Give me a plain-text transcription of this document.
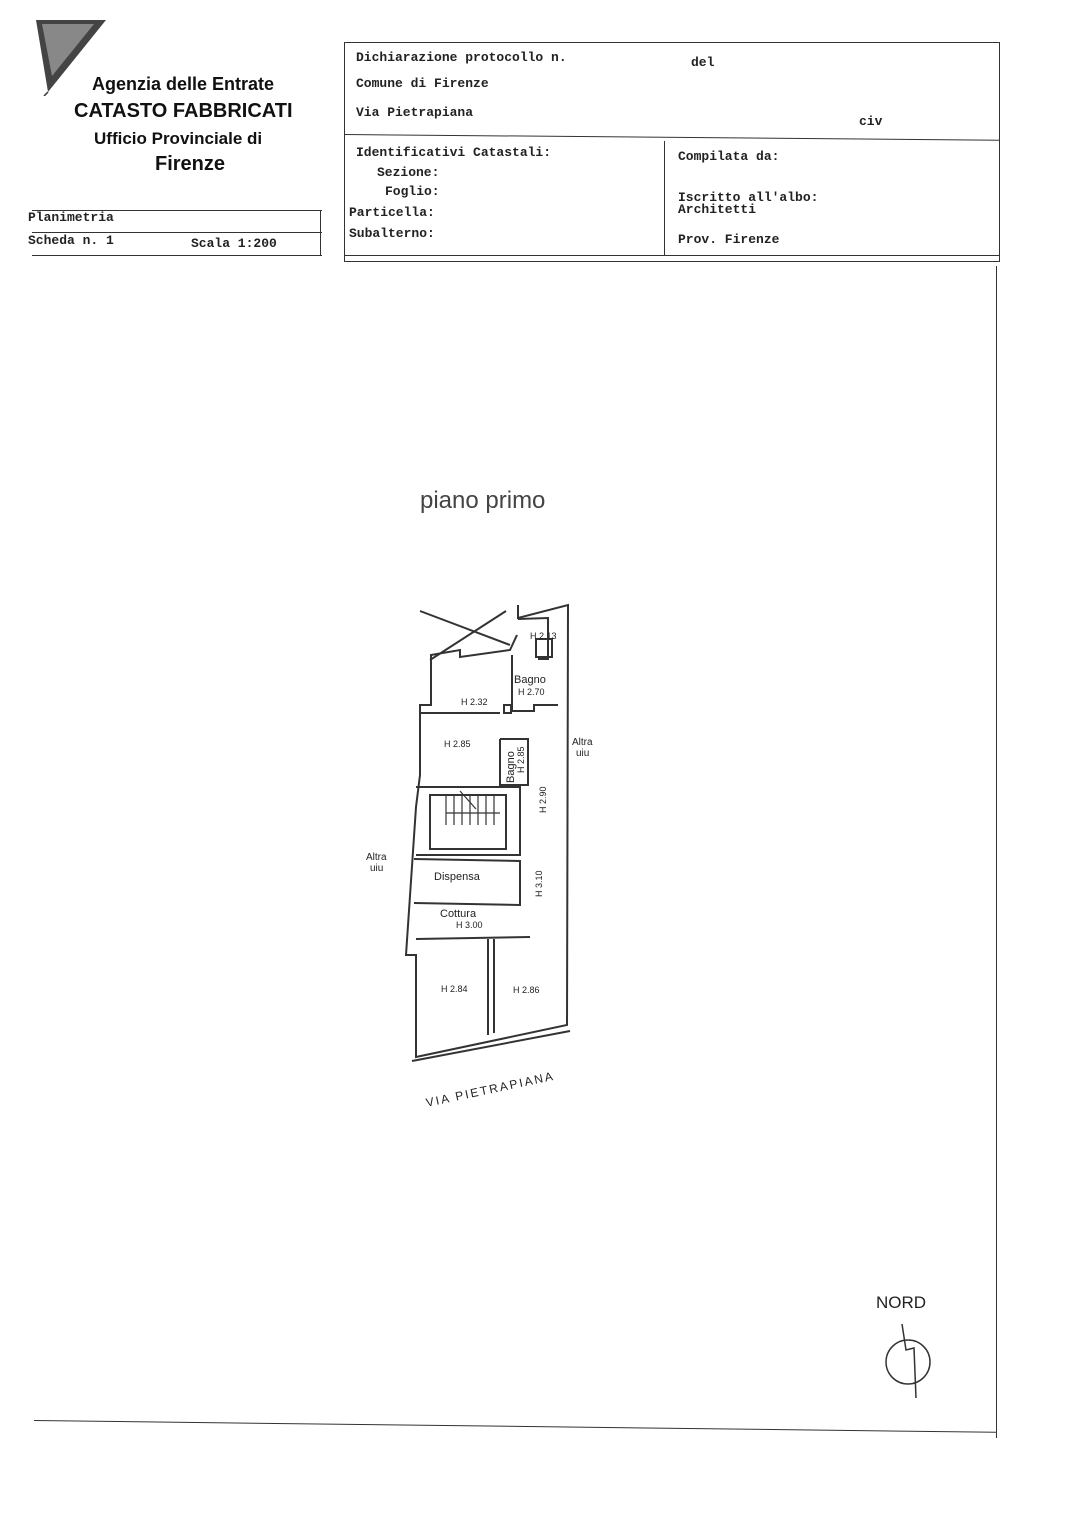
Agenzia delle Entrate
CATASTO FABBRICATI
Ufficio Provinciale di
Firenze
Planimetria
Scheda n. 1	Scala 1:200
Dichiarazione protocollo n.	del
Comune di Firenze
Via Pietrapiana
civ
Identificativi Catastali:
Sezione:
Foglio:
Particella:
Subalterno:
Compilata da:
Iscritto all'albo:
Architetti
Prov. Firenze
piano primo
H 2.13
Bagno
H 2.70
H 2.32
H 2.85
Bagno H 2.85
H 2.90
Altra
uiu
Altra
uiu
Dispensa	H 3.10
Cottura
H 3.00
H 2.84	H 2.86
VIA PIETRAPIANA
NORD
